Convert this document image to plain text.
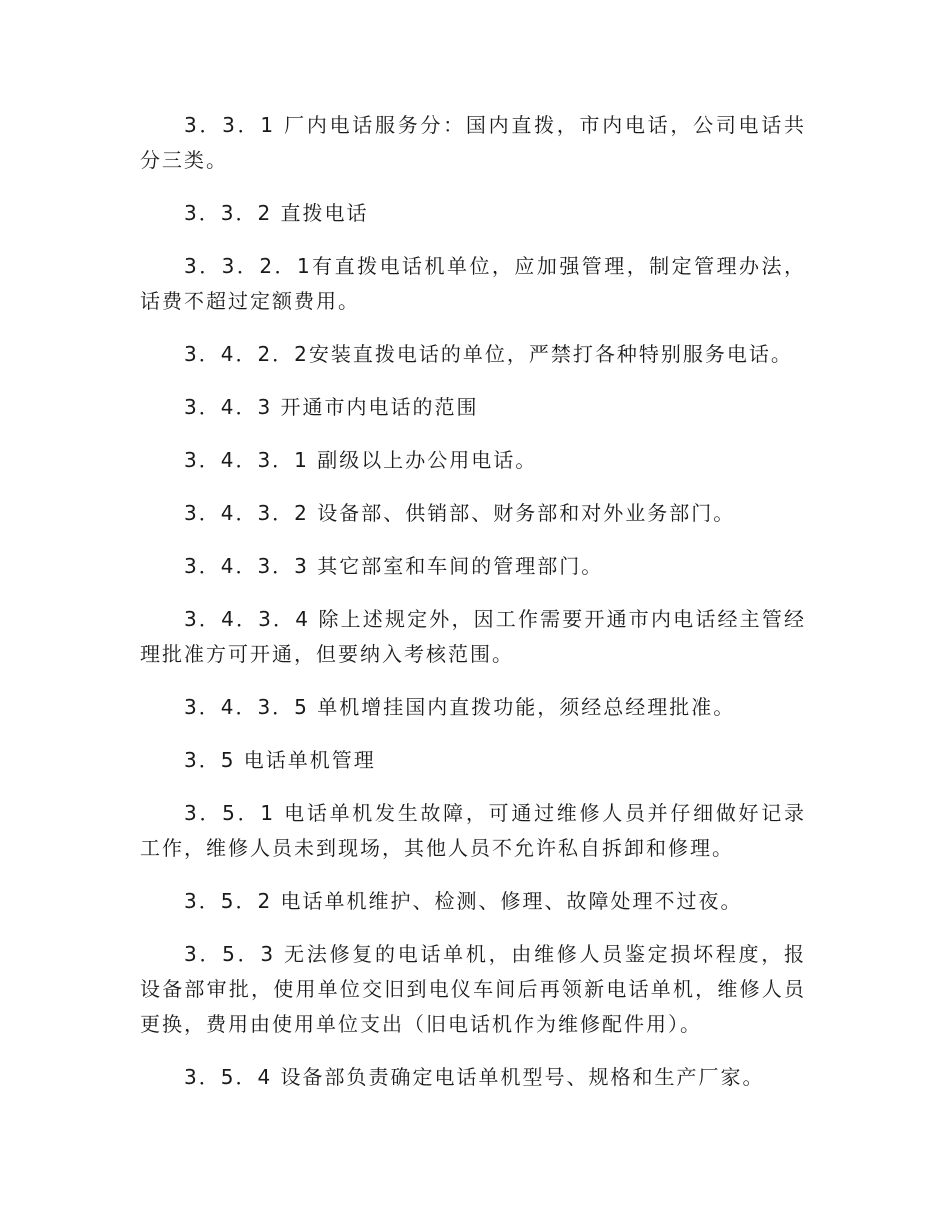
3．3．1 厂内电话服务分：国内直拨，市内电话，公司电话共分三类。

3．3．2 直拨电话

3．3．2．1有直拨电话机单位，应加强管理，制定管理办法，话费不超过定额费用。

3．4．2．2安装直拨电话的单位，严禁打各种特别服务电话。

3．4．3 开通市内电话的范围

3．4．3．1 副级以上办公用电话。

3．4．3．2 设备部、供销部、财务部和对外业务部门。

3．4．3．3 其它部室和车间的管理部门。

3．4．3．4 除上述规定外，因工作需要开通市内电话经主管经理批准方可开通，但要纳入考核范围。

3．4．3．5 单机增挂国内直拨功能，须经总经理批准。

3．5 电话单机管理

3．5．1 电话单机发生故障，可通过维修人员并仔细做好记录工作，维修人员未到现场，其他人员不允许私自拆卸和修理。

3．5．2 电话单机维护、检测、修理、故障处理不过夜。

3．5．3 无法修复的电话单机，由维修人员鉴定损坏程度，报设备部审批，使用单位交旧到电仪车间后再领新电话单机，维修人员更换，费用由使用单位支出（旧电话机作为维修配件用）。

3．5．4 设备部负责确定电话单机型号、规格和生产厂家。
